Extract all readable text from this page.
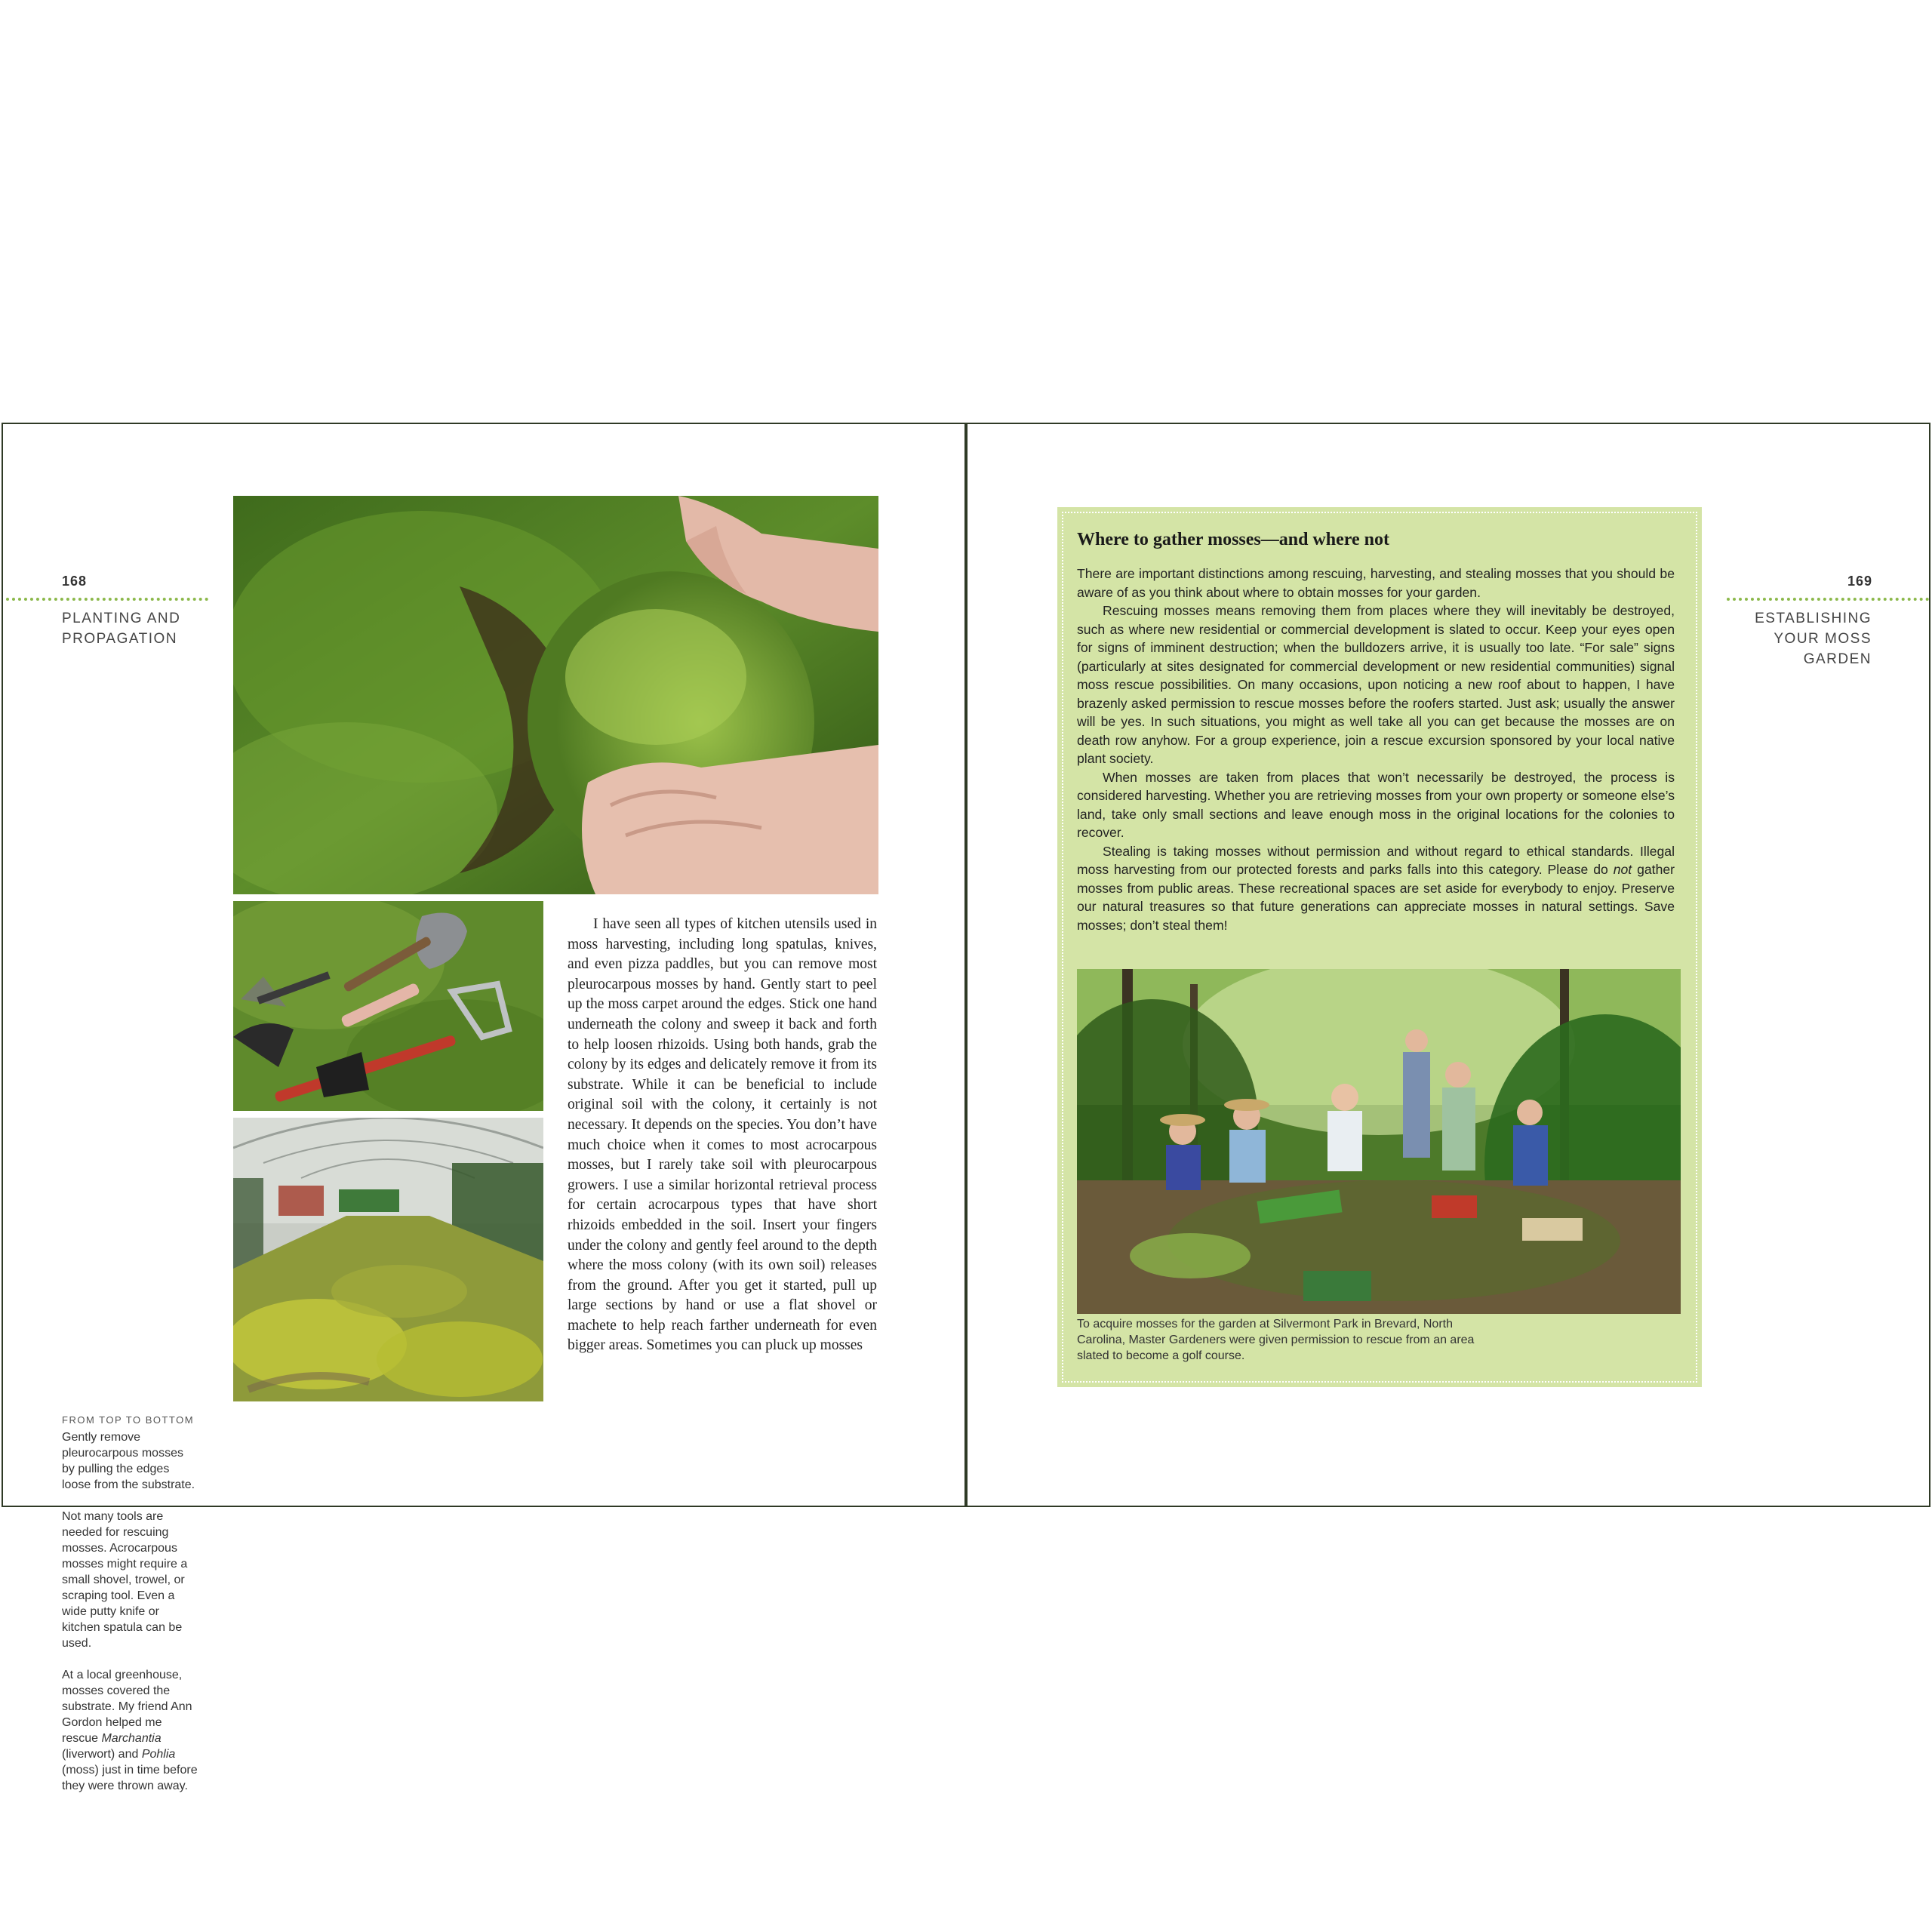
168
PLANTING AND
PROPAGATION
FROM TOP TO BOTTOM

Gently remove pleurocarpous mosses by pulling the edges loose from the substrate.

Not many tools are needed for rescuing mosses. Acrocarpous mosses might require a small shovel, trowel, or scraping tool. Even a wide putty knife or kitchen spatula can be used.

At a local greenhouse, mosses covered the substrate. My friend Ann Gordon helped me rescue Marchantia (liverwort) and Pohlia (moss) just in time before they were thrown away.

I have seen all types of kitchen utensils used in moss harvesting, including long spatulas, knives, and even pizza paddles, but you can remove most pleurocarpous mosses by hand. Gently start to peel up the moss carpet around the edges. Stick one hand underneath the colony and sweep it back and forth to help loosen rhizoids. Using both hands, grab the colony by its edges and delicately remove it from its substrate. While it can be beneficial to include original soil with the colony, it certainly is not necessary. It depends on the species. You don’t have much choice when it comes to most acrocarpous mosses, but I rarely take soil with pleurocarpous growers. I use a similar horizontal retrieval process for certain acrocarpous types that have short rhizoids embedded in the soil. Insert your fingers under the colony and gently feel around to the depth where the moss colony (with its own soil) releases from the ground. After you get it started, pull up large sections by hand or use a flat shovel or machete to help reach farther underneath for even bigger areas. Sometimes you can pluck up mosses

169
ESTABLISHING
YOUR MOSS
GARDEN
Where to gather mosses—and where not

There are important distinctions among rescuing, harvesting, and stealing mosses that you should be aware of as you think about where to obtain mosses for your garden.

Rescuing mosses means removing them from places where they will inevitably be destroyed, such as where new residential or commercial development is slated to occur. Keep your eyes open for signs of imminent destruction; when the bulldozers arrive, it is usually too late. “For sale” signs (particularly at sites designated for commercial development or new residential communities) signal moss rescue possibilities. On many occasions, upon noticing a new roof about to happen, I have brazenly asked permission to rescue mosses before the roofers started. Just ask; usually the answer will be yes. In such situations, you might as well take all you can get because the mosses are on death row anyhow. For a group experience, join a rescue excursion sponsored by your local native plant society.

When mosses are taken from places that won’t necessarily be destroyed, the process is considered harvesting. Whether you are retrieving mosses from your own property or someone else’s land, take only small sections and leave enough moss in the original locations for the colonies to recover.

Stealing is taking mosses without permission and without regard to ethical standards. Illegal moss harvesting from our protected forests and parks falls into this category. Please do not gather mosses from public areas. These recreational spaces are set aside for everybody to enjoy. Preserve our natural treasures so that future generations can appreciate mosses in natural settings. Save mosses; don’t steal them!

To acquire mosses for the garden at Silvermont Park in Brevard, North Carolina, Master Gardeners were given permission to rescue from an area slated to become a golf course.
